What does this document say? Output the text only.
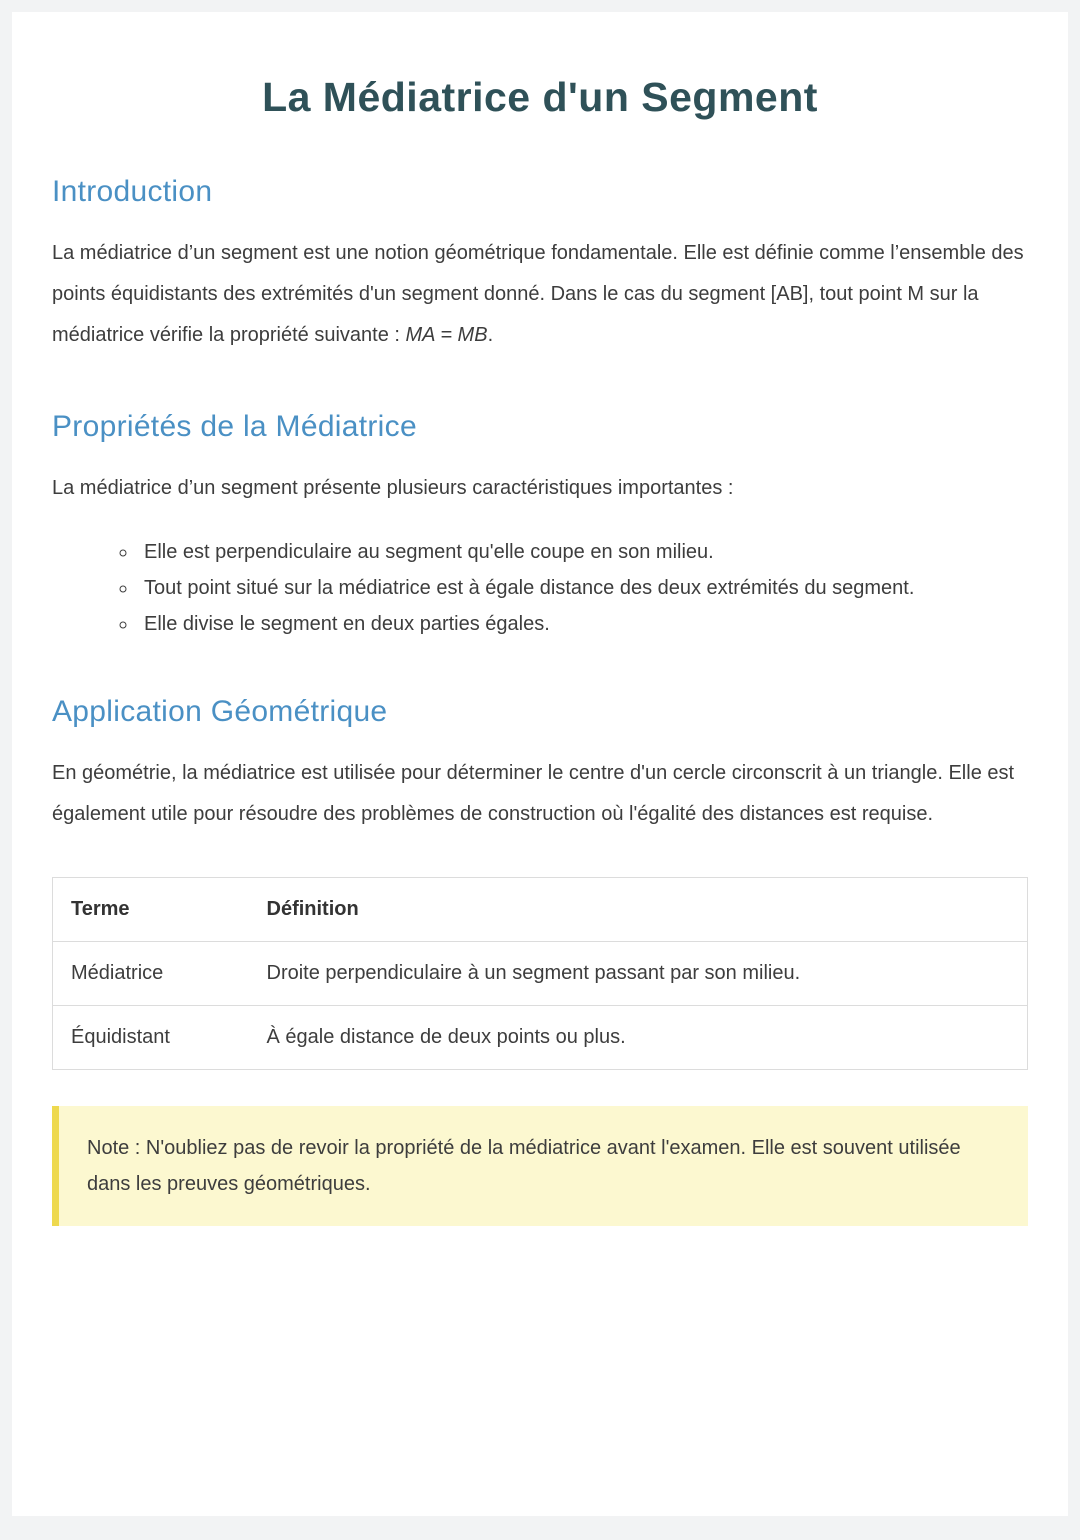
La Médiatrice d'un Segment
Introduction

La médiatrice d’un segment est une notion géométrique fondamentale. Elle est définie comme l’ensemble des points équidistants des extrémités d'un segment donné. Dans le cas du segment [AB], tout point M sur la médiatrice vérifie la propriété suivante : MA = MB.

Propriétés de la Médiatrice

La médiatrice d’un segment présente plusieurs caractéristiques importantes :

◦ Elle est perpendiculaire au segment qu'elle coupe en son milieu.
◦ Tout point situé sur la médiatrice est à égale distance des deux extrémités du segment.
◦ Elle divise le segment en deux parties égales.
Application Géométrique

En géométrie, la médiatrice est utilisée pour déterminer le centre d'un cercle circonscrit à un triangle. Elle est également utile pour résoudre des problèmes de construction où l'égalité des distances est requise.

Terme	Définition
Médiatrice	Droite perpendiculaire à un segment passant par son milieu.
Équidistant	À égale distance de deux points ou plus.
Note : N'oubliez pas de revoir la propriété de la médiatrice avant l'examen. Elle est souvent utilisée dans les preuves géométriques.
